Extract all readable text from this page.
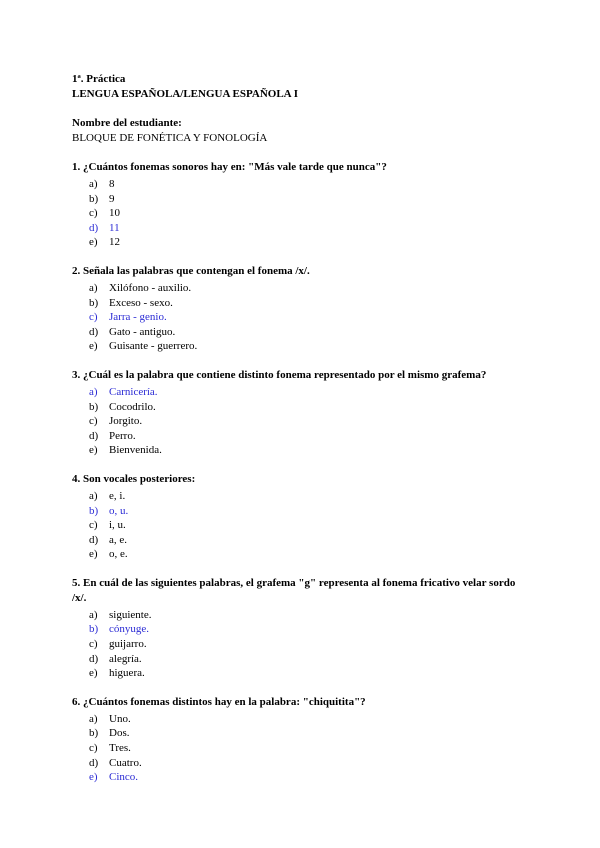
1ª. Práctica
LENGUA ESPAÑOLA/LENGUA ESPAÑOLA I
Nombre del estudiante:
BLOQUE DE FONÉTICA Y FONOLOGÍA
1. ¿Cuántos fonemas sonoros hay en: "Más vale tarde que nunca"?
a) 8
b) 9
c) 10
d) 11
e) 12
2. Señala las palabras que contengan el fonema /x/.
a) Xilófono - auxilio.
b) Exceso - sexo.
c) Jarra - genio.
d) Gato - antiguo.
e) Guisante - guerrero.
3. ¿Cuál es la palabra que contiene distinto fonema representado por el mismo grafema?
a) Carnicería.
b) Cocodrilo.
c) Jorgito.
d) Perro.
e) Bienvenida.
4. Son vocales posteriores:
a) e, i.
b) o, u.
c) i, u.
d) a, e.
e) o, e.
5. En cuál de las siguientes palabras, el grafema "g" representa al fonema fricativo velar sordo /x/.
a) siguiente.
b) cónyuge.
c) guijarro.
d) alegría.
e) higuera.
6. ¿Cuántos fonemas distintos hay en la palabra: "chiquitita"?
a) Uno.
b) Dos.
c) Tres.
d) Cuatro.
e) Cinco.
